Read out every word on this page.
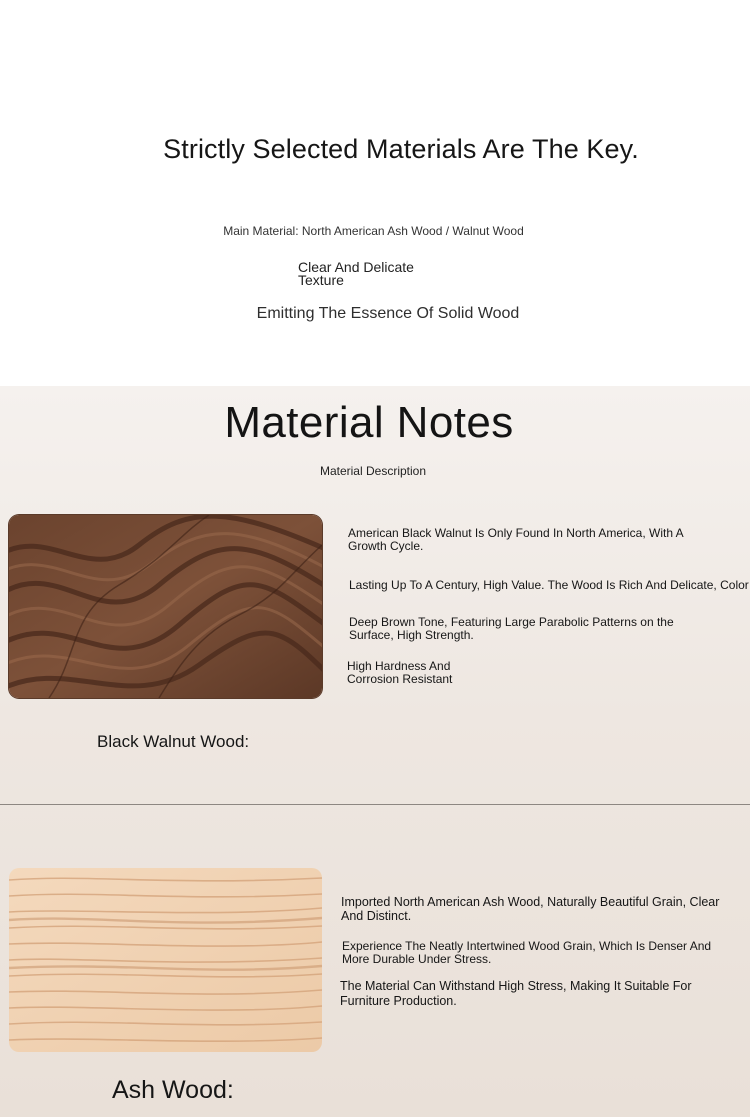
Strictly Selected Materials Are The Key.
Main Material: North American Ash Wood / Walnut Wood
Clear And Delicate
Texture
Emitting The Essence Of Solid Wood
Material Notes
Material Description
American Black Walnut Is Only Found In North America, With A Growth Cycle.
Lasting Up To A Century, High Value. The Wood Is Rich And Delicate, Color
Deep Brown Tone, Featuring Large Parabolic Patterns on the Surface, High Strength.
High Hardness And Corrosion Resistant
Black Walnut Wood:
Imported North American Ash Wood, Naturally Beautiful Grain, Clear And Distinct.
Experience The Neatly Intertwined Wood Grain, Which Is Denser And More Durable Under Stress.
The Material Can Withstand High Stress, Making It Suitable For Furniture Production.
Ash Wood:
